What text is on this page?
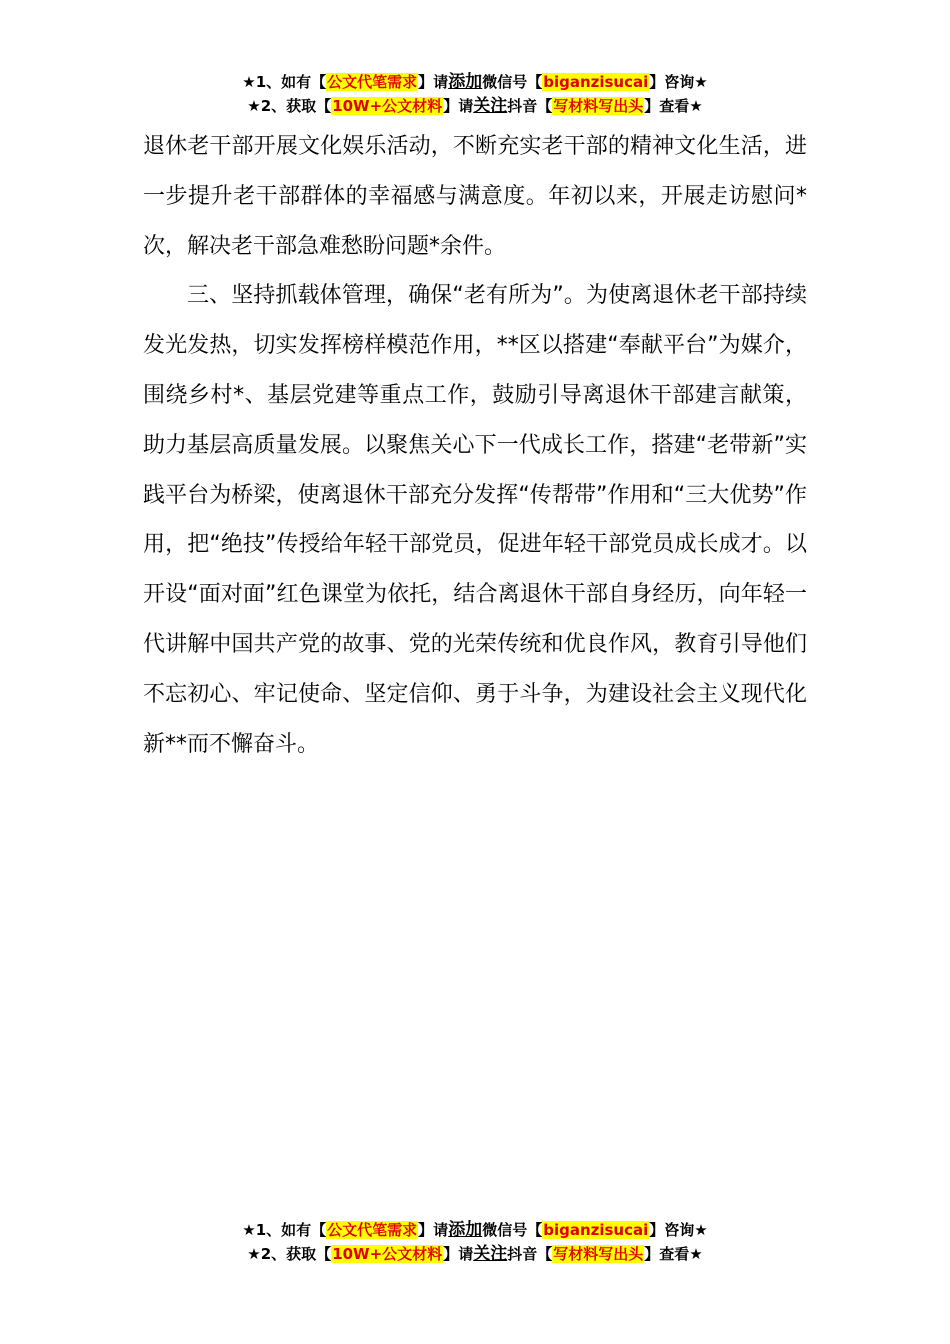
★1、如有【公文代笔需求】请添加微信号【biganzisucai】咨询★
★2、获取【10W+公文材料】请关注抖音【写材料写出头】查看★

退休老干部开展文化娱乐活动，不断充实老干部的精神文化生活，进一步提升老干部群体的幸福感与满意度。年初以来，开展走访慰问*次，解决老干部急难愁盼问题*余件。

三、坚持抓载体管理，确保“老有所为”。为使离退休老干部持续发光发热，切实发挥榜样模范作用，**区以搭建“奉献平台”为媒介，围绕乡村*、基层党建等重点工作，鼓励引导离退休干部建言献策，助力基层高质量发展。以聚焦关心下一代成长工作，搭建“老带新”实践平台为桥梁，使离退休干部充分发挥“传帮带”作用和“三大优势”作用，把“绝技”传授给年轻干部党员，促进年轻干部党员成长成才。以开设“面对面”红色课堂为依托，结合离退休干部自身经历，向年轻一代讲解中国共产党的故事、党的光荣传统和优良作风，教育引导他们不忘初心、牢记使命、坚定信仰、勇于斗争，为建设社会主义现代化新**而不懈奋斗。

★1、如有【公文代笔需求】请添加微信号【biganzisucai】咨询★
★2、获取【10W+公文材料】请关注抖音【写材料写出头】查看★
